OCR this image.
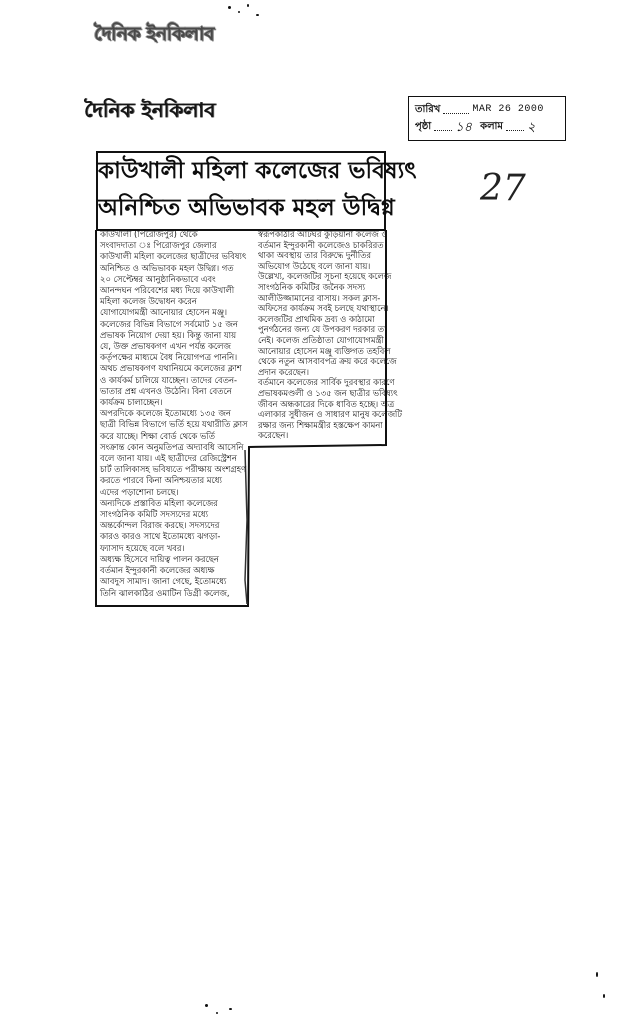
দৈনিক ইনকিলাব
দৈনিক ইনকিলাব	তারিখ	MAR 26 2000
পৃষ্ঠা ১৪ কলাম ২
27
কাউখালী মহিলা কলেজের ভবিষ্যৎ
অনিশ্চিত অভিভাবক মহল উদ্বিগ্ন
কাউখালী (পিরোজপুর) থেকে
সংবাদদাতা ঃ পিরোজপুর জেলার
কাউখালী মহিলা কলেজের ছাত্রীদের ভবিষ্যৎ
অনিশ্চিত ও অভিভাবক মহল উদ্বিগ্ন। গত
২০ সেপ্টেম্বর আনুষ্ঠানিকভাবে এবং
আনন্দঘন পরিবেশের মধ্য দিয়ে কাউখালী
মহিলা কলেজ উদ্বোধন করেন
যোগাযোগমন্ত্রী আনোয়ার হোসেন মঞ্জু।
কলেজের বিভিন্ন বিভাগে সর্বমোট ১৫ জন
প্রভাষক নিয়োগ দেয়া হয়। কিন্তু জানা যায়
যে, উক্ত প্রভাষকগণ এখন পর্যন্ত কলেজ
কর্তৃপক্ষের মাধ্যমে বৈধ নিয়োগপত্র পাননি।
অথচ প্রভাষকগণ যথানিয়মে কলেজের ক্লাশ
ও কার্যকর্ম চালিয়ে যাচ্ছেন। তাদের বেতন-
ভাতার প্রশ্ন এখনও উঠেনি। বিনা বেতনে
কার্যক্রম চালাচ্ছেন।
অপরদিকে কলেজে ইতোমধ্যে ১৩৫ জন
ছাত্রী বিভিন্ন বিভাগে ভর্তি হয়ে যথারীতি ক্লাস
করে যাচ্ছে। শিক্ষা বোর্ড থেকে ভর্তি
সংক্রান্ত কোন অনুমতিপত্র অদ্যাবধি আসেনি
বলে জানা যায়। এই ছাত্রীদের রেজিস্ট্রেশন
চার্ট তালিকাসহ ভবিষ্যতে পরীক্ষায় অংশগ্রহণ
করতে পারবে কিনা অনিশ্চয়তার মধ্যে
এদের পড়াশোনা চলছে।
অন্যদিকে প্রস্তাবিত মহিলা কলেজের
সাংগঠনিক কমিটি সদস্যদের মধ্যে
অন্তর্কোন্দল বিরাজ করছে। সদস্যদের
কারও কারও সাথে ইতোমধ্যে ঝগড়া-
ফ্যাসাদ হয়েছে বলে খবর।
অধ্যক্ষ হিসেবে দায়িত্ব পালন করছেন
বর্তমান ইন্দুরকানী কলেজের অধ্যক্ষ
আবদুস সামাদ। জানা গেছে, ইতোমধ্যে
তিনি ঝালকাঠির ওমাটিন ডিগ্রী কলেজ,
স্বরূপকাঠীর আটঘর কুড়িয়ানা কলেজ ও
বর্তমান ইন্দুরকানী কলেজেও চাকরিরত
থাকা অবস্থায় তার বিরুদ্ধে দুর্নীতির
অভিযোগ উঠেছে বলে জানা যায়।
উল্লেখ্য, কলেজটির সূচনা হয়েছে কলেজ
সাংগঠনিক কমিটির জনৈক সদস্য
আলীউজ্জামানের বাসায়। সকল ক্লাস-
অফিসের কার্যক্রম সবই চলছে যথাস্থানে।
কলেজটির প্রাথমিক দ্রব্য ও কাঠামো
পুনর্গঠনের জন্য যে উপকরণ দরকার তা
নেই। কলেজ প্রতিষ্ঠাতা যোগাযোগমন্ত্রী
আনোয়ার হোসেন মঞ্জু ব্যক্তিগত তহবিল
থেকে নতুন আসবাবপত্র ক্রয় করে কলেজে
প্রদান করেছেন।
বর্তমানে কলেজের সার্বিক দুরবস্থার কারণে
প্রভাষকমণ্ডলী ও ১৩৫ জন ছাত্রীর ভবিষ্যৎ
জীবন অন্ধকারের দিকে ধাবিত হচ্ছে। অত্র
এলাকার সুধীজন ও সাধারণ মানুষ কলেজটি
রক্ষার জন্য শিক্ষামন্ত্রীর হস্তক্ষেপ কামনা
করেছেন।
